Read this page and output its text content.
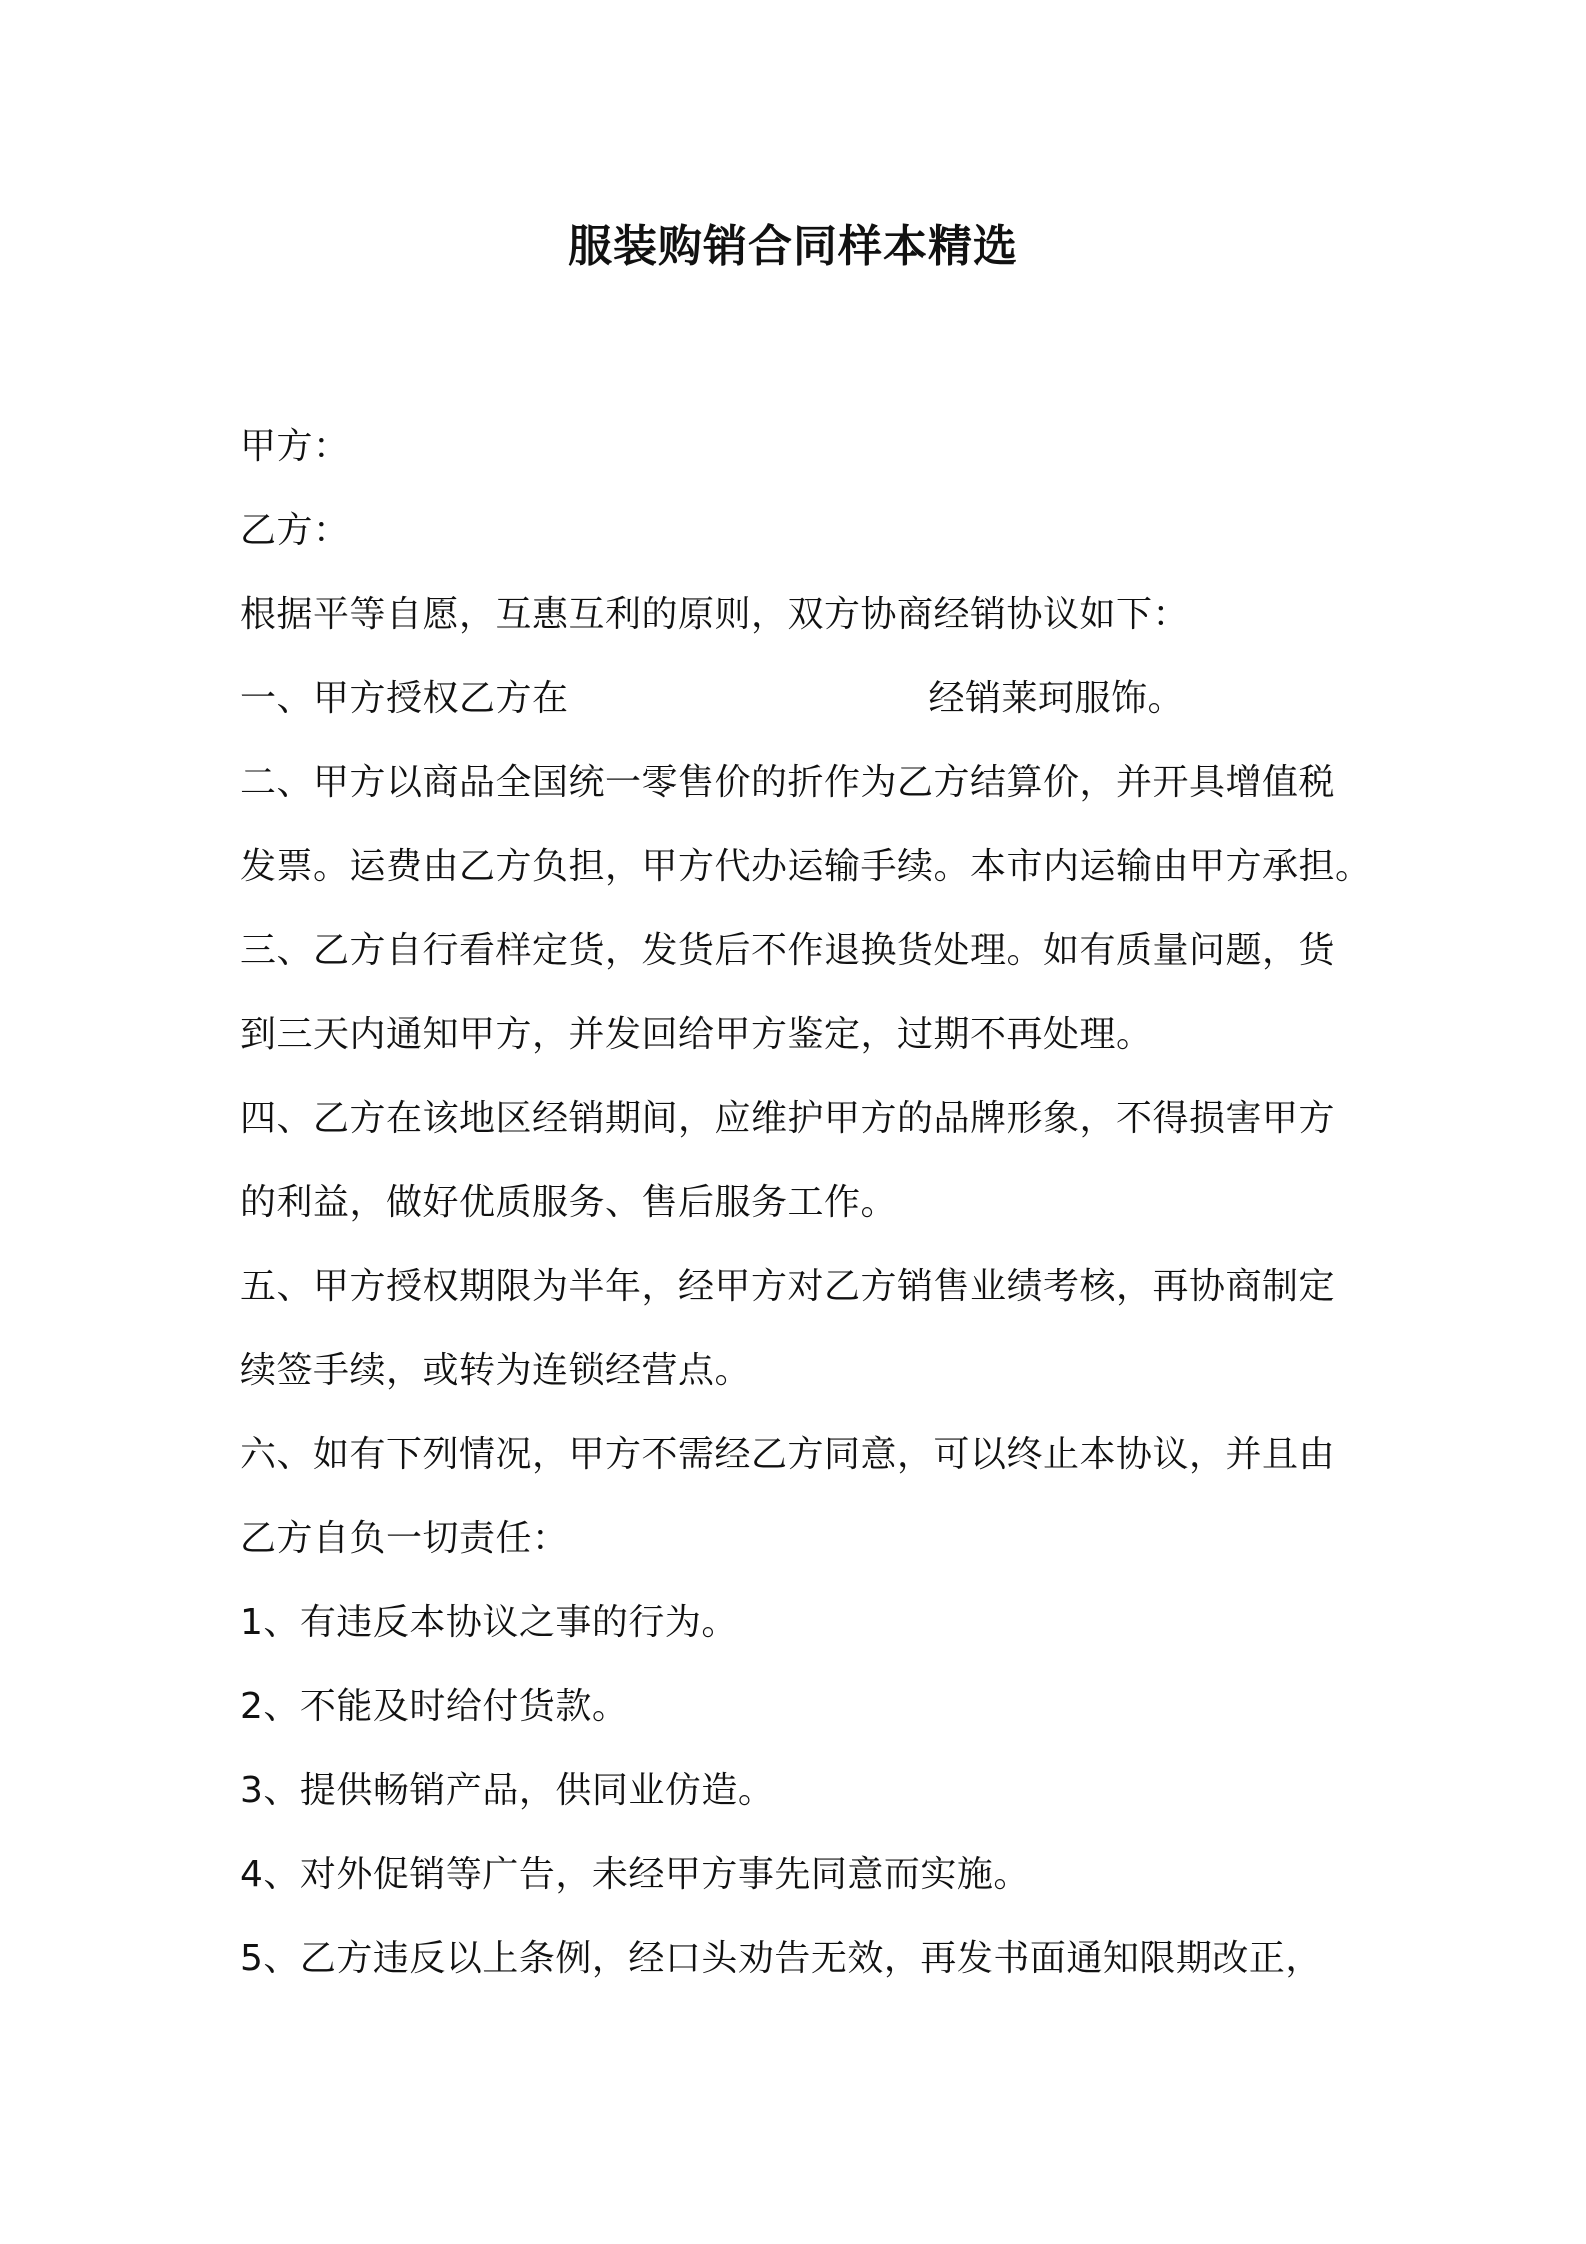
服装购销合同样本精选
甲方：
乙方：
根据平等自愿，互惠互利的原则，双方协商经销协议如下：
一、甲方授权乙方在	经销莱珂服饰。
二、甲方以商品全国统一零售价的折作为乙方结算价，并开具增值税
发票。运费由乙方负担，甲方代办运输手续。本市内运输由甲方承担。
三、乙方自行看样定货，发货后不作退换货处理。如有质量问题，货
到三天内通知甲方，并发回给甲方鉴定，过期不再处理。
四、乙方在该地区经销期间，应维护甲方的品牌形象，不得损害甲方
的利益，做好优质服务、售后服务工作。
五、甲方授权期限为半年，经甲方对乙方销售业绩考核，再协商制定
续签手续，或转为连锁经营点。
六、如有下列情况，甲方不需经乙方同意，可以终止本协议，并且由
乙方自负一切责任：
1、有违反本协议之事的行为。
2、不能及时给付货款。
3、提供畅销产品，供同业仿造。
4、对外促销等广告，未经甲方事先同意而实施。
5、乙方违反以上条例，经口头劝告无效，再发书面通知限期改正，
